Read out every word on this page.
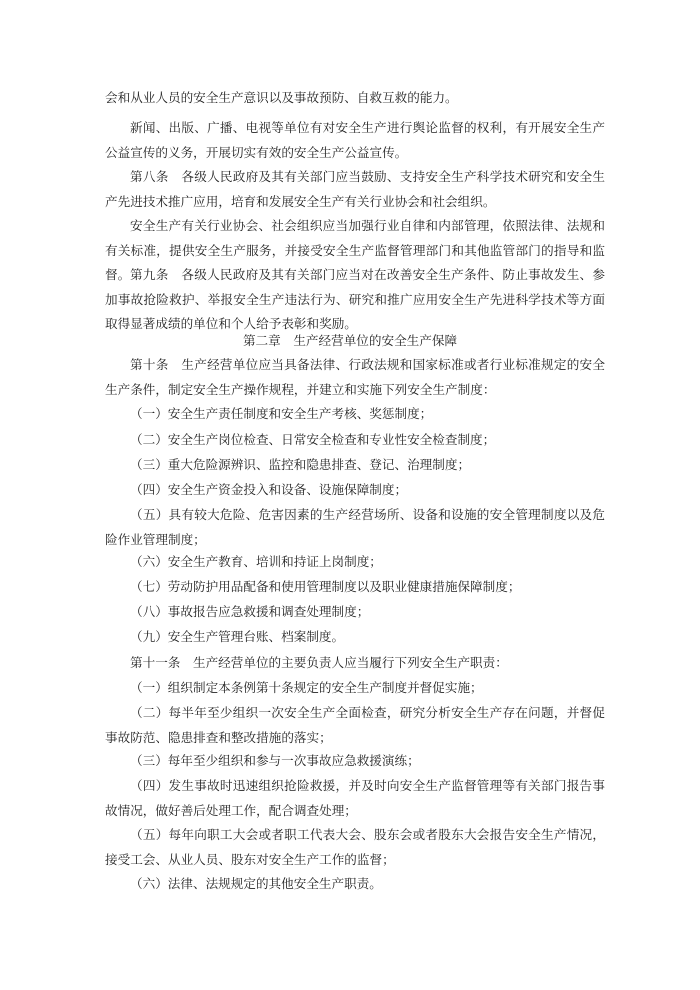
会和从业人员的安全生产意识以及事故预防、自救互救的能力。

新闻、出版、广播、电视等单位有对安全生产进行舆论监督的权利，有开展安全生产公益宣传的义务，开展切实有效的安全生产公益宣传。

第八条　各级人民政府及其有关部门应当鼓励、支持安全生产科学技术研究和安全生产先进技术推广应用，培育和发展安全生产有关行业协会和社会组织。

安全生产有关行业协会、社会组织应当加强行业自律和内部管理，依照法律、法规和有关标准，提供安全生产服务，并接受安全生产监督管理部门和其他监管部门的指导和监督。 第九条　各级人民政府及其有关部门应当对在改善安全生产条件、防止事故发生、参加事故抢险救护、举报安全生产违法行为、研究和推广应用安全生产先进科学技术等方面取得显著成绩的单位和个人给予表彰和奖励。

第二章　生产经营单位的安全生产保障

第十条　生产经营单位应当具备法律、行政法规和国家标准或者行业标准规定的安全生产条件，制定安全生产操作规程，并建立和实施下列安全生产制度：

（一）安全生产责任制度和安全生产考核、奖惩制度；

（二）安全生产岗位检查、日常安全检查和专业性安全检查制度；

（三）重大危险源辨识、监控和隐患排查、登记、治理制度；

（四）安全生产资金投入和设备、设施保障制度；

（五）具有较大危险、危害因素的生产经营场所、设备和设施的安全管理制度以及危险作业管理制度；

（六）安全生产教育、培训和持证上岗制度；

（七）劳动防护用品配备和使用管理制度以及职业健康措施保障制度；

（八）事故报告应急救援和调查处理制度；

（九）安全生产管理台账、档案制度。

第十一条　生产经营单位的主要负责人应当履行下列安全生产职责：

（一）组织制定本条例第十条规定的安全生产制度并督促实施；

（二）每半年至少组织一次安全生产全面检查，研究分析安全生产存在问题，并督促事故防范、隐患排查和整改措施的落实；

（三）每年至少组织和参与一次事故应急救援演练；

（四）发生事故时迅速组织抢险救援，并及时向安全生产监督管理等有关部门报告事故情况，做好善后处理工作，配合调查处理；

（五）每年向职工大会或者职工代表大会、股东会或者股东大会报告安全生产情况，接受工会、从业人员、股东对安全生产工作的监督；

（六）法律、法规规定的其他安全生产职责。
